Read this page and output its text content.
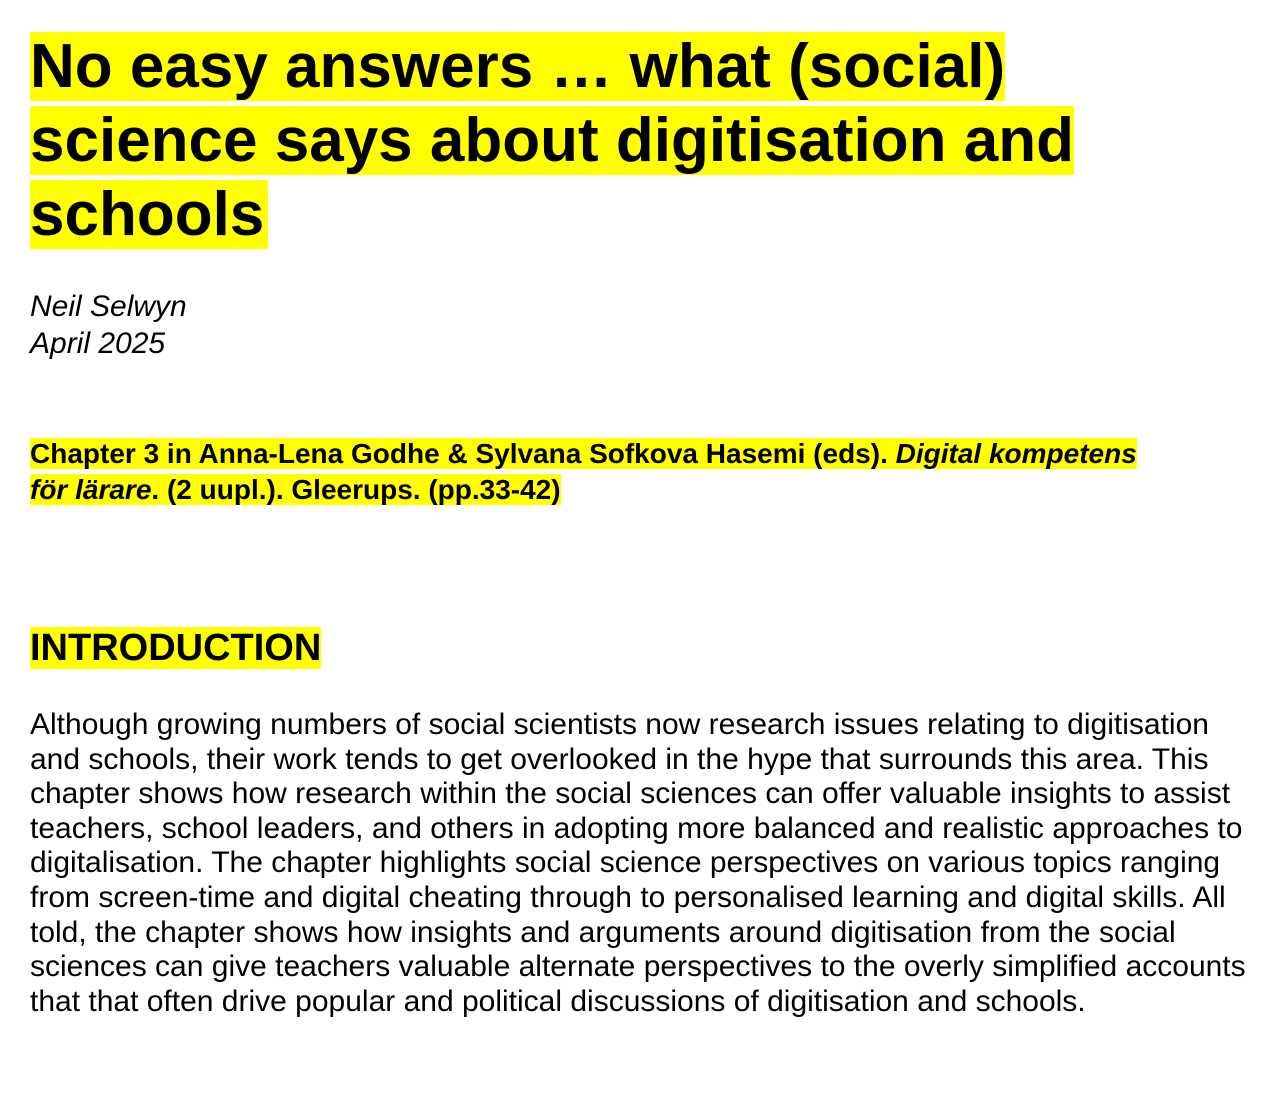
No easy answers … what (social) science says about digitisation and schools
Neil Selwyn
April 2025
Chapter 3 in Anna-Lena Godhe & Sylvana Sofkova Hasemi (eds). Digital kompetens för lärare. (2 uupl.). Gleerups. (pp.33-42)
INTRODUCTION

Although growing numbers of social scientists now research issues relating to digitisation and schools, their work tends to get overlooked in the hype that surrounds this area. This chapter shows how research within the social sciences can offer valuable insights to assist teachers, school leaders, and others in adopting more balanced and realistic approaches to digitalisation. The chapter highlights social science perspectives on various topics ranging from screen-time and digital cheating through to personalised learning and digital skills. All told, the chapter shows how insights and arguments around digitisation from the social sciences can give teachers valuable alternate perspectives to the overly simplified accounts that that often drive popular and political discussions of digitisation and schools.
